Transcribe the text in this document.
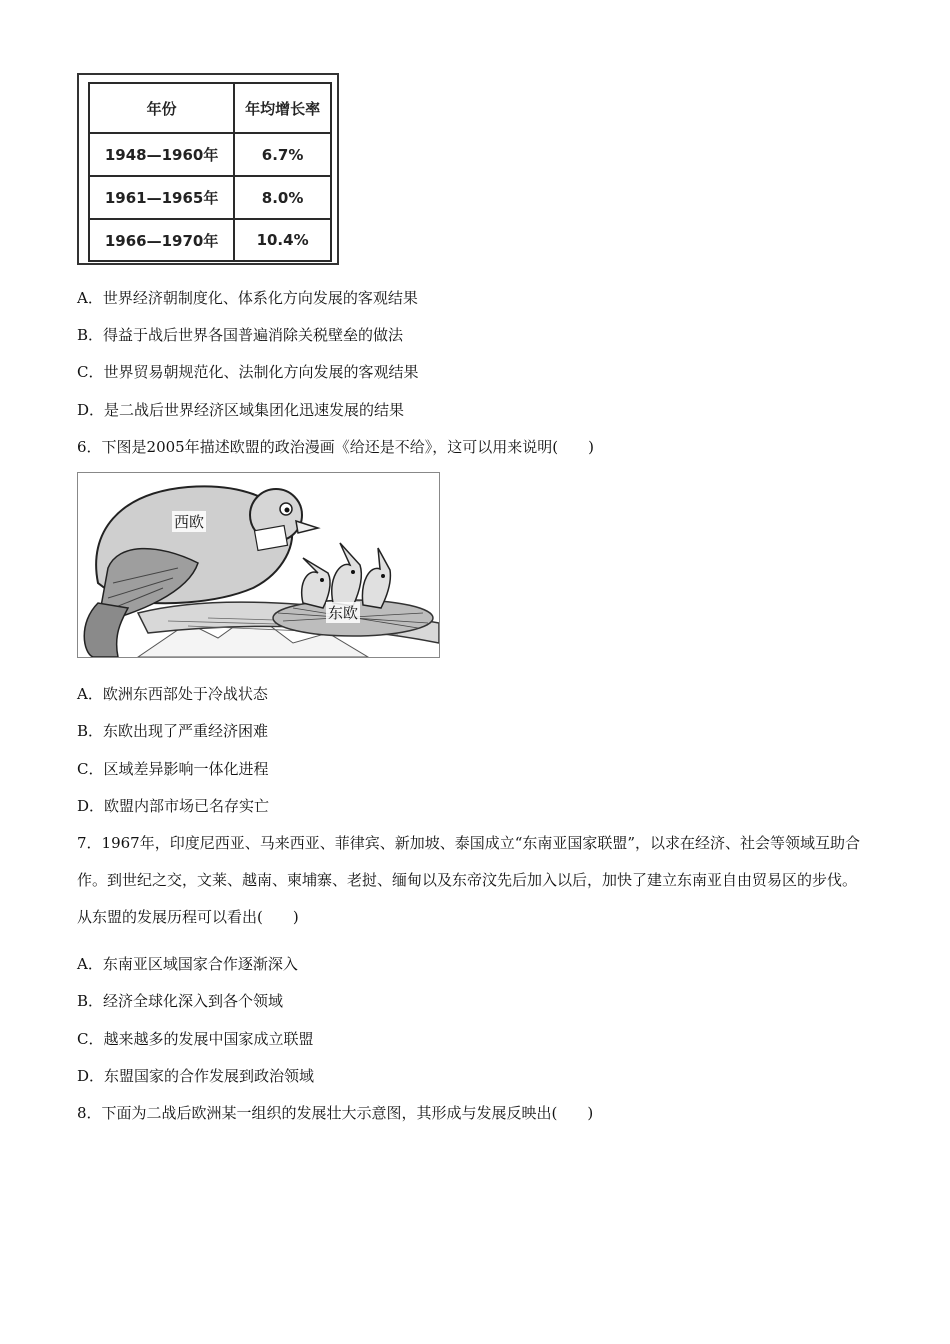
年份	年均增长率
1948—1960年	6.7%
1961—1965年	8.0%
1966—1970年	10.4%

A．世界经济朝制度化、体系化方向发展的客观结果

B．得益于战后世界各国普遍消除关税壁垒的做法

C．世界贸易朝规范化、法制化方向发展的客观结果

D．是二战后世界经济区域集团化迅速发展的结果

6．下图是2005年描述欧盟的政治漫画《给还是不给》，这可以用来说明(　　)

西欧
东欧

A．欧洲东西部处于冷战状态

B．东欧出现了严重经济困难

C．区域差异影响一体化进程

D．欧盟内部市场已名存实亡

7．1967年，印度尼西亚、马来西亚、菲律宾、新加坡、泰国成立“东南亚国家联盟”，以求在经济、社会等领域互助合作。到世纪之交，文莱、越南、柬埔寨、老挝、缅甸以及东帝汶先后加入以后，加快了建立东南亚自由贸易区的步伐。从东盟的发展历程可以看出(　　)

A．东南亚区域国家合作逐渐深入

B．经济全球化深入到各个领域

C．越来越多的发展中国家成立联盟

D．东盟国家的合作发展到政治领域

8．下面为二战后欧洲某一组织的发展壮大示意图，其形成与发展反映出(　　)
